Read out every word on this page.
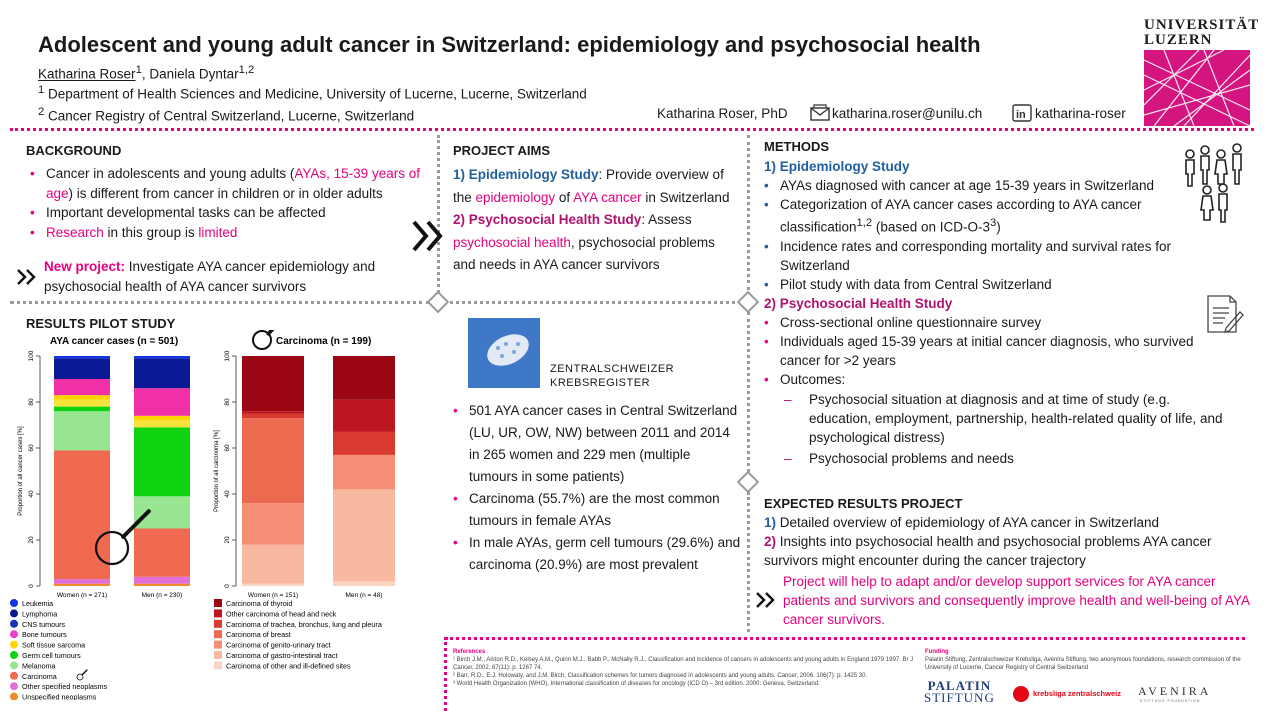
Adolescent and young adult cancer in Switzerland: epidemiology and psychosocial health
Katharina Roser$^1$, Daniela Dyntar$^{1,2}$
$^1$ Department of Health Sciences and Medicine, University of Lucerne, Lucerne, Switzerland
$^2$ Cancer Registry of Central Switzerland, Lucerne, Switzerland	Katharina Roser, PhD	katharina.roser@unilu.ch	in katharina-roser
UNIVERSITÄT
LUZERN
BACKGROUND
• Cancer in adolescents and young adults (AYAs, 15-39 years of age) is different from cancer in children or in older adults
• Important developmental tasks can be affected
• Research in this group is limited
New project: Investigate AYA cancer epidemiology and psychosocial health of AYA cancer survivors
PROJECT AIMS
1) Epidemiology Study: Provide overview of the epidemiology of AYA cancer in Switzerland
2) Psychosocial Health Study: Assess psychosocial health, psychosocial problems and needs in AYA cancer survivors
METHODS
1) Epidemiology Study
• AYAs diagnosed with cancer at age 15-39 years in Switzerland
• Categorization of AYA cancer cases according to AYA cancer classification$^{1,2}$ (based on ICD-$O-3^3$)
• Incidence rates and corresponding mortality and survival rates for Switzerland
• Pilot study with data from Central Switzerland
2) Psychosocial Health Study
• Cross-sectional online questionnaire survey
• Individuals aged 15-39 years at initial cancer diagnosis, who survived cancer for >2 years
• Outcomes:
– Psychosocial situation at diagnosis and at time of study (e.g. education, employment, partnership, health-related quality of life, and psychological distress)
– Psychosocial problems and needs
RESULTS PILOT STUDY
AYA cancer cases (n = 501)
0
20
40
60
80
100
Proportion of all cancer cases [%]
Women (n = 271)	Men (n = 230)
Leukemia
Lymphoma
CNS tumours
Bone tumours
Soft tissue sarcoma
Germ cell tumours
Melanoma
Carcinoma
Other specified neoplasms
Unspecified neoplasms
Carcinoma (n = 199)
0
20
40
60
80
100
Proportion of all carcinoma [%]
Women (n = 151)	Men (n = 48)
Carcinoma of thyroid
Other carcinoma of head and neck
Carcinoma of trachea, bronchus, lung and pleura
Carcinoma of breast
Carcinoma of genito-urinary tract
Carcinoma of gastro-intestinal tract
Carcinoma of other and ill-defined sites
ZENTRALSCHWEIZER
KREBSREGISTER
• 501 AYA cancer cases in Central Switzerland (LU, UR, OW, NW) between 2011 and 2014 in 265 women and 229 men (multiple tumours in some patients)
• Carcinoma (55.7%) are the most common tumours in female AYAs
• In male AYAs, germ cell tumours (29.6%) and carcinoma (20.9%) are most prevalent
EXPECTED RESULTS PROJECT
1) Detailed overview of epidemiology of AYA cancer in Switzerland
2) Insights into psychosocial health and psychosocial problems AYA cancer survivors might encounter during the cancer trajectory
Project will help to adapt and/or develop support services for AYA cancer patients and survivors and consequently improve health and well-being of AYA cancer survivors.
References
¹ Birch J.M., Alston R.D., Kelsey A.M., Quinn M.J., Babb P., McNally R.J., Classification and incidence of cancers in adolescents and young adults in England 1979 1997. Br J Cancer, 2002. 87(11): p. 1267 74.
² Barr, R.D., E.J. Holowaty, and J.M. Birch, Classification schemes for tumors diagnosed in adolescents and young adults. Cancer, 2006. 106(7): p. 1425 30.
³ World Health Organization (WHO), International classification of diseases for oncology (ICD O) – 3rd edition. 2000: Geneva, Switzerland.
Funding
Palatin Stiftung, Zentralschweizer Krebsliga, Avenira Stiftung, two anonymous foundations, research commission of the University of Lucerne, Cancer Registry of Central Switzerland
PALATIN
STIFTUNG	krebsliga zentralschweiz AVENIRA
STIFTUNG FOUNDATION
